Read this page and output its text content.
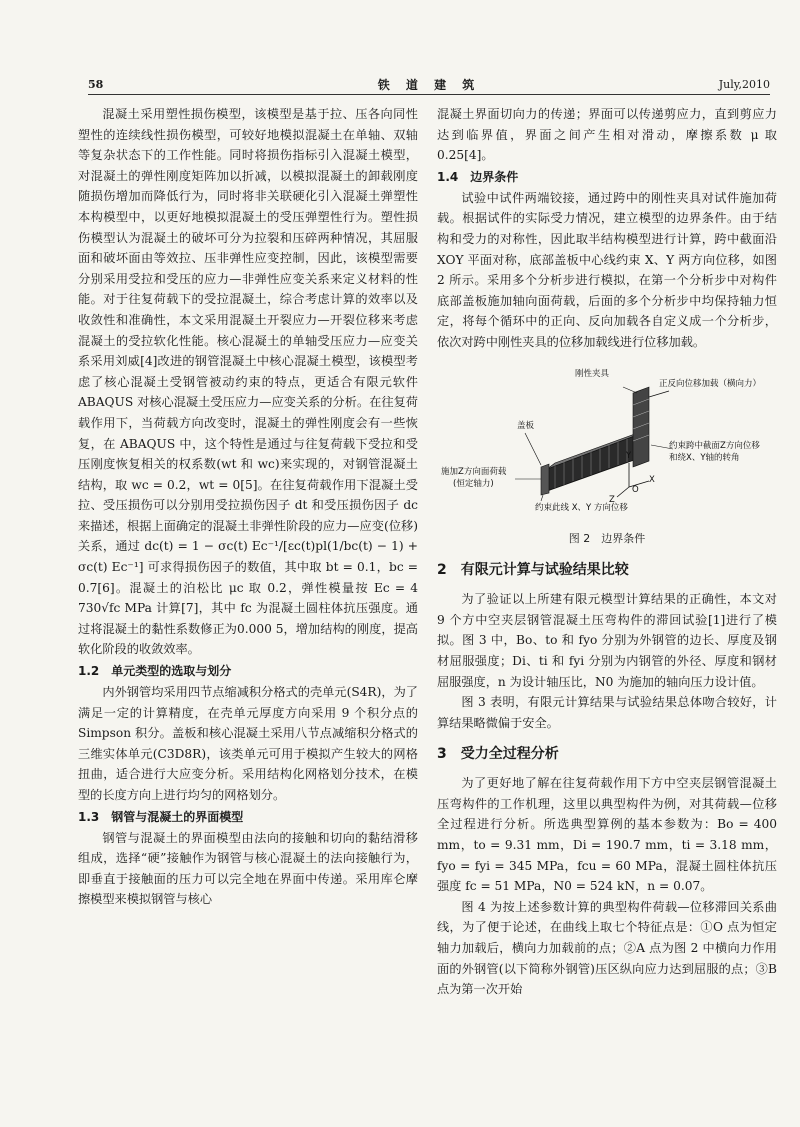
58	铁 道 建 筑	July,2010

混凝土采用塑性损伤模型，该模型是基于拉、压各向同性塑性的连续线性损伤模型，可较好地模拟混凝土在单轴、双轴等复杂状态下的工作性能。同时将损伤指标引入混凝土模型，对混凝土的弹性刚度矩阵加以折减，以模拟混凝土的卸载刚度随损伤增加而降低行为，同时将非关联硬化引入混凝土弹塑性本构模型中，以更好地模拟混凝土的受压弹塑性行为。塑性损伤模型认为混凝土的破坏可分为拉裂和压碎两种情况，其屈服面和破坏面由等效拉、压非弹性应变控制，因此，该模型需要分别采用受拉和受压的应力—非弹性应变关系来定义材料的性能。对于往复荷载下的受拉混凝土，综合考虑计算的效率以及收敛性和准确性，本文采用混凝土开裂应力—开裂位移来考虑混凝土的受拉软化性能。核心混凝土的单轴受压应力—应变关系采用刘威[4]改进的钢管混凝土中核心混凝土模型，该模型考虑了核心混凝土受钢管被动约束的特点，更适合有限元软件 ABAQUS 对核心混凝土受压应力—应变关系的分析。在往复荷载作用下，当荷载方向改变时，混凝土的弹性刚度会有一些恢复，在 ABAQUS 中，这个特性是通过与往复荷载下受拉和受压刚度恢复相关的权系数(wt 和 wc)来实现的，对钢管混凝土结构，取 wc = 0.2，wt = 0[5]。在往复荷载作用下混凝土受拉、受压损伤可以分别用受拉损伤因子 dt 和受压损伤因子 dc 来描述，根据上面确定的混凝土非弹性阶段的应力—应变(位移)关系，通过 dc(t) = 1 − σc(t) Ec⁻¹/[εc(t)pl(1/bc(t) − 1) + σc(t) Ec⁻¹] 可求得损伤因子的数值，其中取 bt = 0.1，bc = 0.7[6]。混凝土的泊松比 μc 取 0.2，弹性模量按 Ec = 4 730√fc MPa 计算[7]，其中 fc 为混凝土圆柱体抗压强度。通过将混凝土的黏性系数修正为0.000 5，增加结构的刚度，提高软化阶段的收敛效率。

1.2　单元类型的选取与划分

内外钢管均采用四节点缩减积分格式的壳单元(S4R)，为了满足一定的计算精度，在壳单元厚度方向采用 9 个积分点的 Simpson 积分。盖板和核心混凝土采用八节点减缩积分格式的三维实体单元(C3D8R)，该类单元可用于模拟产生较大的网格扭曲，适合进行大应变分析。采用结构化网格划分技术，在模型的长度方向上进行均匀的网格划分。

1.3　钢管与混凝土的界面模型

钢管与混凝土的界面模型由法向的接触和切向的黏结滑移组成，选择“硬”接触作为钢管与核心混凝土的法向接触行为，即垂直于接触面的压力可以完全地在界面中传递。采用库仑摩擦模型来模拟钢管与核心

混凝土界面切向力的传递；界面可以传递剪应力，直到剪应力达到临界值，界面之间产生相对滑动，摩擦系数 μ 取 0.25[4]。

1.4　边界条件

试验中试件两端铰接，通过跨中的刚性夹具对试件施加荷载。根据试件的实际受力情况，建立模型的边界条件。由于结构和受力的对称性，因此取半结构模型进行计算，跨中截面沿 XOY 平面对称，底部盖板中心线约束 X、Y 两方向位移，如图 2 所示。采用多个分析步进行模拟，在第一个分析步中对构件底部盖板施加轴向面荷载，后面的多个分析步中均保持轴力恒定，将每个循环中的正向、反向加载各自定义成一个分析步，依次对跨中刚性夹具的位移加载线进行位移加载。

刚性夹具
正反向位移加载（横向力）
盖板
约束跨中截面Z方向位移
和绕X、Y轴的转角
施加Z方向面荷载
(恒定轴力)
约束此线 X、Y 方向位移
Y
X
Z
O
图 2　边界条件
2　有限元计算与试验结果比较

为了验证以上所建有限元模型计算结果的正确性，本文对 9 个方中空夹层钢管混凝土压弯构件的滞回试验[1]进行了模拟。图 3 中，Bo、to 和 fyo 分别为外钢管的边长、厚度及钢材屈服强度；Di、ti 和 fyi 分别为内钢管的外径、厚度和钢材屈服强度，n 为设计轴压比，N0 为施加的轴向压力设计值。

图 3 表明，有限元计算结果与试验结果总体吻合较好，计算结果略微偏于安全。

3　受力全过程分析

为了更好地了解在往复荷载作用下方中空夹层钢管混凝土压弯构件的工作机理，这里以典型构件为例，对其荷载—位移全过程进行分析。所选典型算例的基本参数为：Bo = 400 mm，to = 9.31 mm，Di = 190.7 mm，ti = 3.18 mm，fyo = fyi = 345 MPa，fcu = 60 MPa，混凝土圆柱体抗压强度 fc = 51 MPa，N0 = 524 kN，n = 0.07。

图 4 为按上述参数计算的典型构件荷载—位移滞回关系曲线，为了便于论述，在曲线上取七个特征点是：①O 点为恒定轴力加载后，横向力加载前的点；②A 点为图 2 中横向力作用面的外钢管(以下简称外钢管)压区纵向应力达到屈服的点；③B 点为第一次开始
